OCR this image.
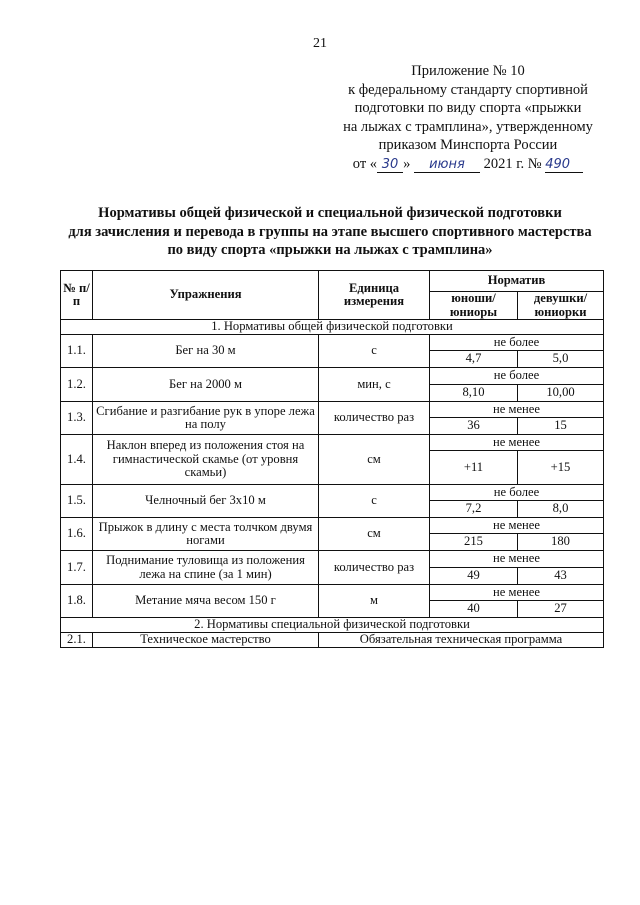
21
Приложение № 10
к федеральному стандарту спортивной
подготовки по виду спорта «прыжки
на лыжах с трамплина», утвержденному
приказом Минспорта России
от « 30 » июня 2021 г. № 490
Нормативы общей физической и специальной физической подготовки
для зачисления и перевода в группы на этапе высшего спортивного мастерства
по виду спорта «прыжки на лыжах с трамплина»
№ п/п	Упражнения	Единица измерения	Норматив	
			юноши/ юниоры	девушки/ юниорки
1. Нормативы общей физической подготовки				
1.1.	Бег на 30 м	с	не более	
			4,7	5,0
1.2.	Бег на 2000 м	мин, с	не более	
			8,10	10,00
1.3.	Сгибание и разгибание рук в упоре лежа на полу	количество раз	не менее	
			36	15
1.4.	Наклон вперед из положения стоя на гимнастической скамье (от уровня скамьи)	см	не менее	
			+11	+15
1.5.	Челночный бег 3х10 м	с	не более	
			7,2	8,0
1.6.	Прыжок в длину с места толчком двумя ногами	см	не менее	
			215	180
1.7.	Поднимание туловища из положения лежа на спине (за 1 мин)	количество раз	не менее	
			49	43
1.8.	Метание мяча весом 150 г	м	не менее	
			40	27
2. Нормативы специальной физической подготовки				
2.1.	Техническое мастерство	Обязательная техническая программа		
